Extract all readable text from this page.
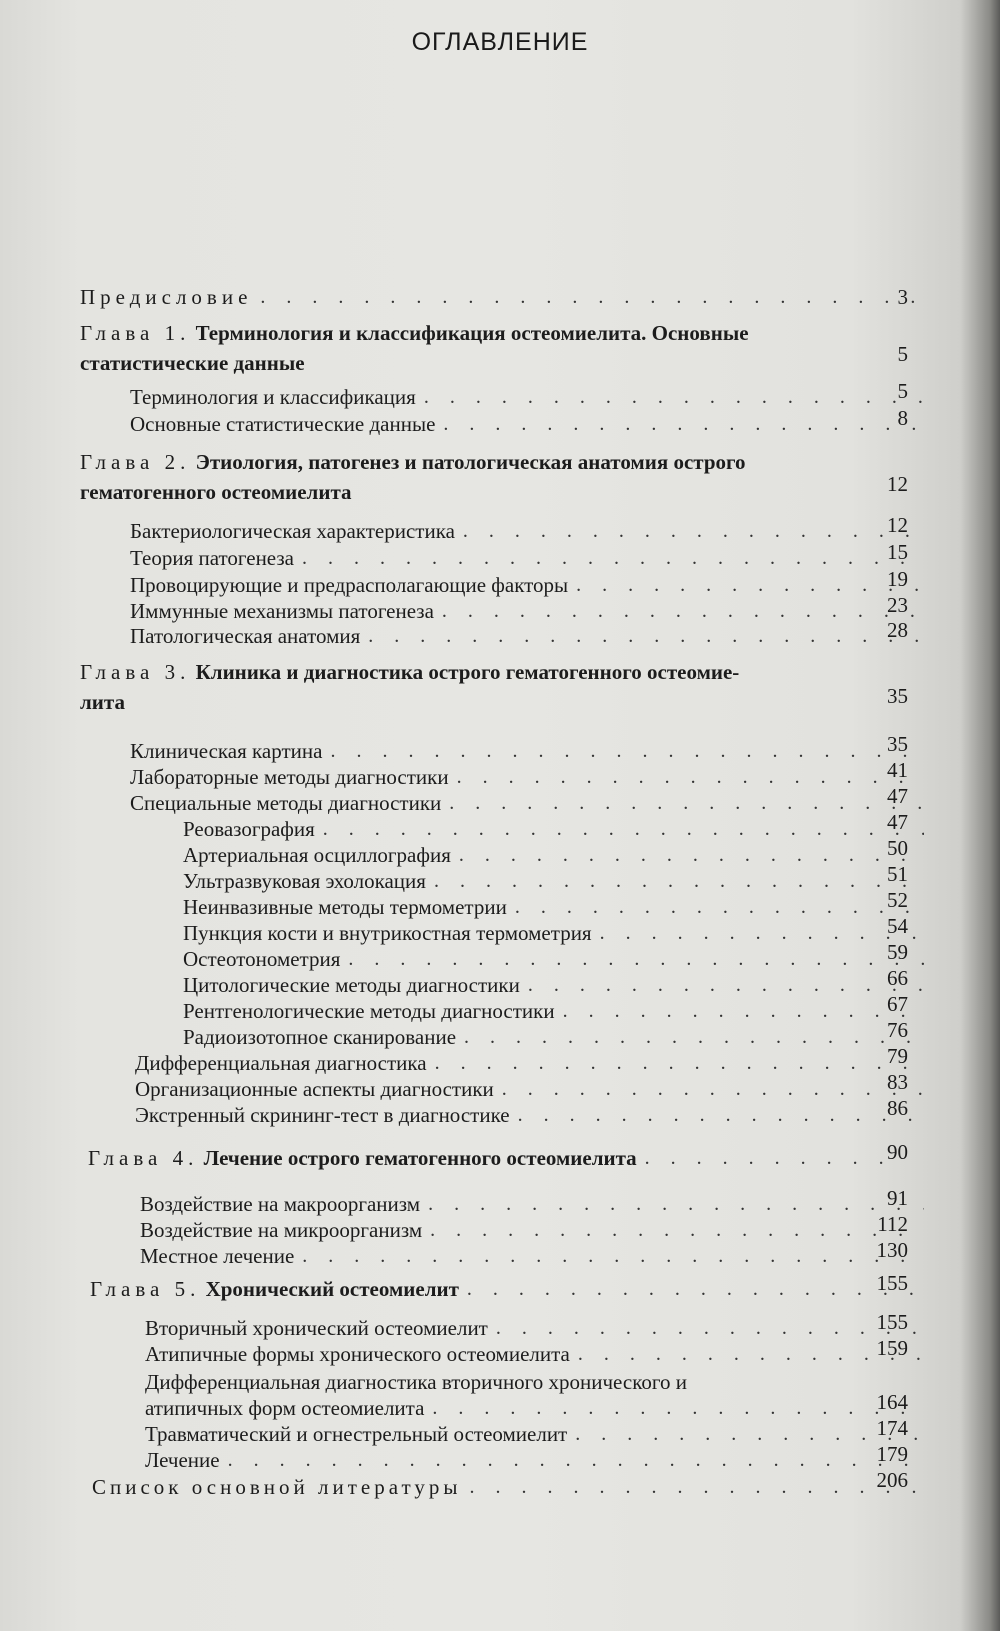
ОГЛАВЛЕНИЕ
Предисловие . . .	3
Глава 1. Терминология и классификация остеомиелита. Основные
статистические данные	5
Терминология и классификация . . .	5
Основные статистические данные . . .	8
Глава 2. Этиология, патогенез и патологическая анатомия острого
гематогенного остеомиелита	12
Бактериологическая характеристика . . .	12
Теория патогенеза . . .	15
Провоцирующие и предрасполагающие факторы . . .	19
Иммунные механизмы патогенеза . . .	23
Патологическая анатомия . . .	28
Глава 3. Клиника и диагностика острого гематогенного остеомие-
лита	35
Клиническая картина . . .	35
Лабораторные методы диагностики . . .	41
Специальные методы диагностики . . .	47
Реовазография . . .	47
Артериальная осциллография . . .	50
Ультразвуковая эхолокация . . .	51
Неинвазивные методы термометрии . . .	52
Пункция кости и внутрикостная термометрия . . .	54
Остеотонометрия . . .	59
Цитологические методы диагностики . . .	66
Рентгенологические методы диагностики . . .	67
Радиоизотопное сканирование . . .	76
Дифференциальная диагностика . . .	79
Организационные аспекты диагностики . . .	83
Экстренный скрининг-тест в диагностике . . .	86
Глава 4. Лечение острого гематогенного остеомиелита . . .	90
Воздействие на макроорганизм . . .	91
Воздействие на микроорганизм . . .	112
Местное лечение . . .	130
Глава 5. Хронический остеомиелит . . .	155
Вторичный хронический остеомиелит . . .	155
Атипичные формы хронического остеомиелита . . .	159
Дифференциальная диагностика вторичного хронического и
атипичных форм остеомиелита . . .	164
Травматический и огнестрельный остеомиелит . . .	174
Лечение . . .	179
Список основной литературы . . .	206
